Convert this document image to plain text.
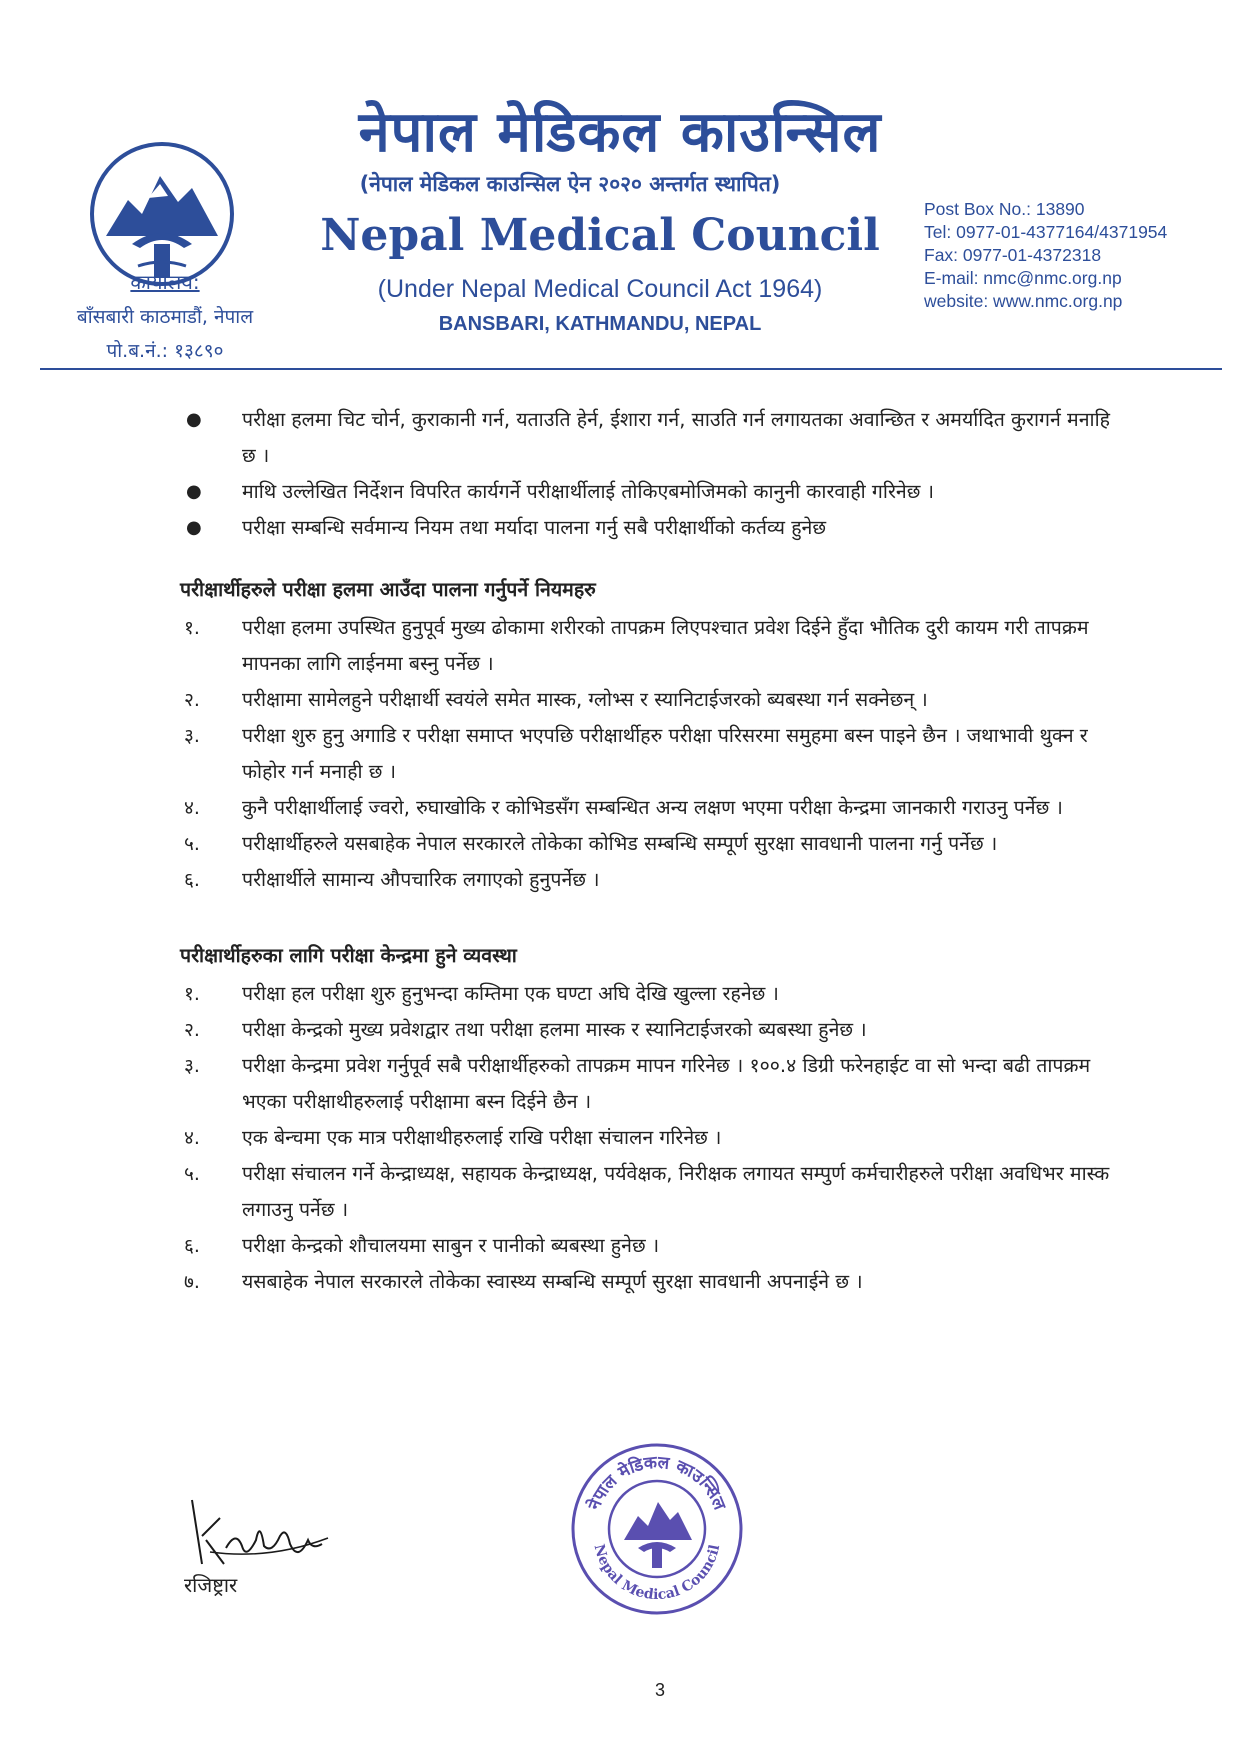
कार्यालय:
बाँसबारी काठमाडौं, नेपाल
पो.ब.नं.: १३८९०
नेपाल मेडिकल काउन्सिल
(नेपाल मेडिकल काउन्सिल ऐन २०२० अन्तर्गत स्थापित)
Nepal Medical Council
(Under Nepal Medical Council Act 1964)
BANSBARI, KATHMANDU, NEPAL
Post Box No.: 13890
Tel: 0977-01-4377164/4371954
Fax: 0977-01-4372318
E-mail: nmc@nmc.org.np
website: www.nmc.org.np
●	परीक्षा हलमा चिट चोर्न, कुराकानी गर्न, यताउति हेर्न, ईशारा गर्न, साउति गर्न लगायतका अवान्छित र अमर्यादित कुरागर्न मनाहि छ ।
●	माथि उल्लेखित निर्देशन विपरित कार्यगर्ने परीक्षार्थीलाई तोकिएबमोजिमको कानुनी कारवाही गरिनेछ ।
●	परीक्षा सम्बन्धि सर्वमान्य नियम तथा मर्यादा पालना गर्नु सबै परीक्षार्थीको कर्तव्य हुनेछ
परीक्षार्थीहरुले परीक्षा हलमा आउँदा पालना गर्नुपर्ने नियमहरु
१.	परीक्षा हलमा उपस्थित हुनुपूर्व मुख्य ढोकामा शरीरको तापक्रम लिएपश्चात प्रवेश दिईने हुँदा भौतिक दुरी कायम गरी तापक्रम मापनका लागि लाईनमा बस्नु पर्नेछ ।
२.	परीक्षामा सामेलहुने परीक्षार्थी स्वयंले समेत मास्क, ग्लोभ्स र स्यानिटाईजरको ब्यबस्था गर्न सक्नेछन् ।
३.	परीक्षा शुरु हुनु अगाडि र परीक्षा समाप्त भएपछि परीक्षार्थीहरु परीक्षा परिसरमा समुहमा बस्न पाइने छैन । जथाभावी थुक्न र फोहोर गर्न मनाही छ ।
४.	कुनै परीक्षार्थीलाई ज्वरो, रुघाखोकि र कोभिडसँग सम्बन्धित अन्य लक्षण भएमा परीक्षा केन्द्रमा जानकारी गराउनु पर्नेछ ।
५.	परीक्षार्थीहरुले यसबाहेक नेपाल सरकारले तोकेका कोभिड सम्बन्धि सम्पूर्ण सुरक्षा सावधानी पालना गर्नु पर्नेछ ।
६.	परीक्षार्थीले सामान्य औपचारिक लगाएको हुनुपर्नेछ ।
परीक्षार्थीहरुका लागि परीक्षा केन्द्रमा हुने व्यवस्था
१.	परीक्षा हल परीक्षा शुरु हुनुभन्दा कम्तिमा एक घण्टा अघि देखि खुल्ला रहनेछ ।
२.	परीक्षा केन्द्रको मुख्य प्रवेशद्वार तथा परीक्षा हलमा मास्क र स्यानिटाईजरको ब्यबस्था हुनेछ ।
३.	परीक्षा केन्द्रमा प्रवेश गर्नुपूर्व सबै परीक्षार्थीहरुको तापक्रम मापन गरिनेछ । १००.४ डिग्री फरेनहाईट वा सो भन्दा बढी तापक्रम भएका परीक्षाथीहरुलाई परीक्षामा बस्न दिईने छैन ।
४.	एक बेन्चमा एक मात्र परीक्षाथीहरुलाई राखि परीक्षा संचालन गरिनेछ ।
५.	परीक्षा संचालन गर्ने केन्द्राध्यक्ष, सहायक केन्द्राध्यक्ष, पर्यवेक्षक, निरीक्षक लगायत सम्पुर्ण कर्मचारीहरुले परीक्षा अवधिभर मास्क लगाउनु पर्नेछ ।
६.	परीक्षा केन्द्रको शौचालयमा साबुन र पानीको ब्यबस्था हुनेछ ।
७.	यसबाहेक नेपाल सरकारले तोकेका स्वास्थ्य सम्बन्धि सम्पूर्ण सुरक्षा सावधानी अपनाईने छ ।
रजिष्ट्रार
नेपाल मेडिकल काउन्सिल
Nepal Medical Council
3
